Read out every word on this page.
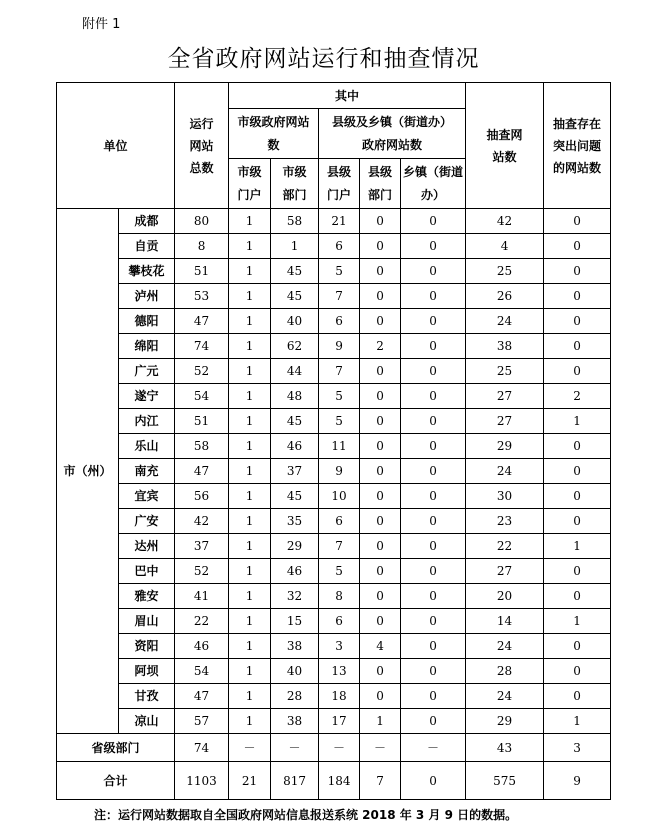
附件 1
全省政府网站运行和抽查情况
单位		运行网站总数	其中					抽查网站数	抽查存在突出问题的网站数

			市级政府网站数		县级及乡镇（街道办）政府网站数				

			市级门户	市级部门	县级门户	县级部门	乡镇（街道办）		

市（州）	成都	80	1	58	21	0	0	42	0
	自贡	8	1	1	6	0	0	4	0
	攀枝花	51	1	45	5	0	0	25	0
	泸州	53	1	45	7	0	0	26	0
	德阳	47	1	40	6	0	0	24	0
	绵阳	74	1	62	9	2	0	38	0
	广元	52	1	44	7	0	0	25	0
	遂宁	54	1	48	5	0	0	27	2
	内江	51	1	45	5	0	0	27	1
	乐山	58	1	46	11	0	0	29	0
	南充	47	1	37	9	0	0	24	0
	宜宾	56	1	45	10	0	0	30	0
	广安	42	1	35	6	0	0	23	0
	达州	37	1	29	7	0	0	22	1
	巴中	52	1	46	5	0	0	27	0
	雅安	41	1	32	8	0	0	20	0
	眉山	22	1	15	6	0	0	14	1
	资阳	46	1	38	3	4	0	24	0
	阿坝	54	1	40	13	0	0	28	0
	甘孜	47	1	28	18	0	0	24	0
	凉山	57	1	38	17	1	0	29	1
省级部门		74	－	－	－	－	－	43	3
合计		1103	21	817	184	7	0	575	9
注：运行网站数据取自全国政府网站信息报送系统 2018 年 3 月 9 日的数据。
